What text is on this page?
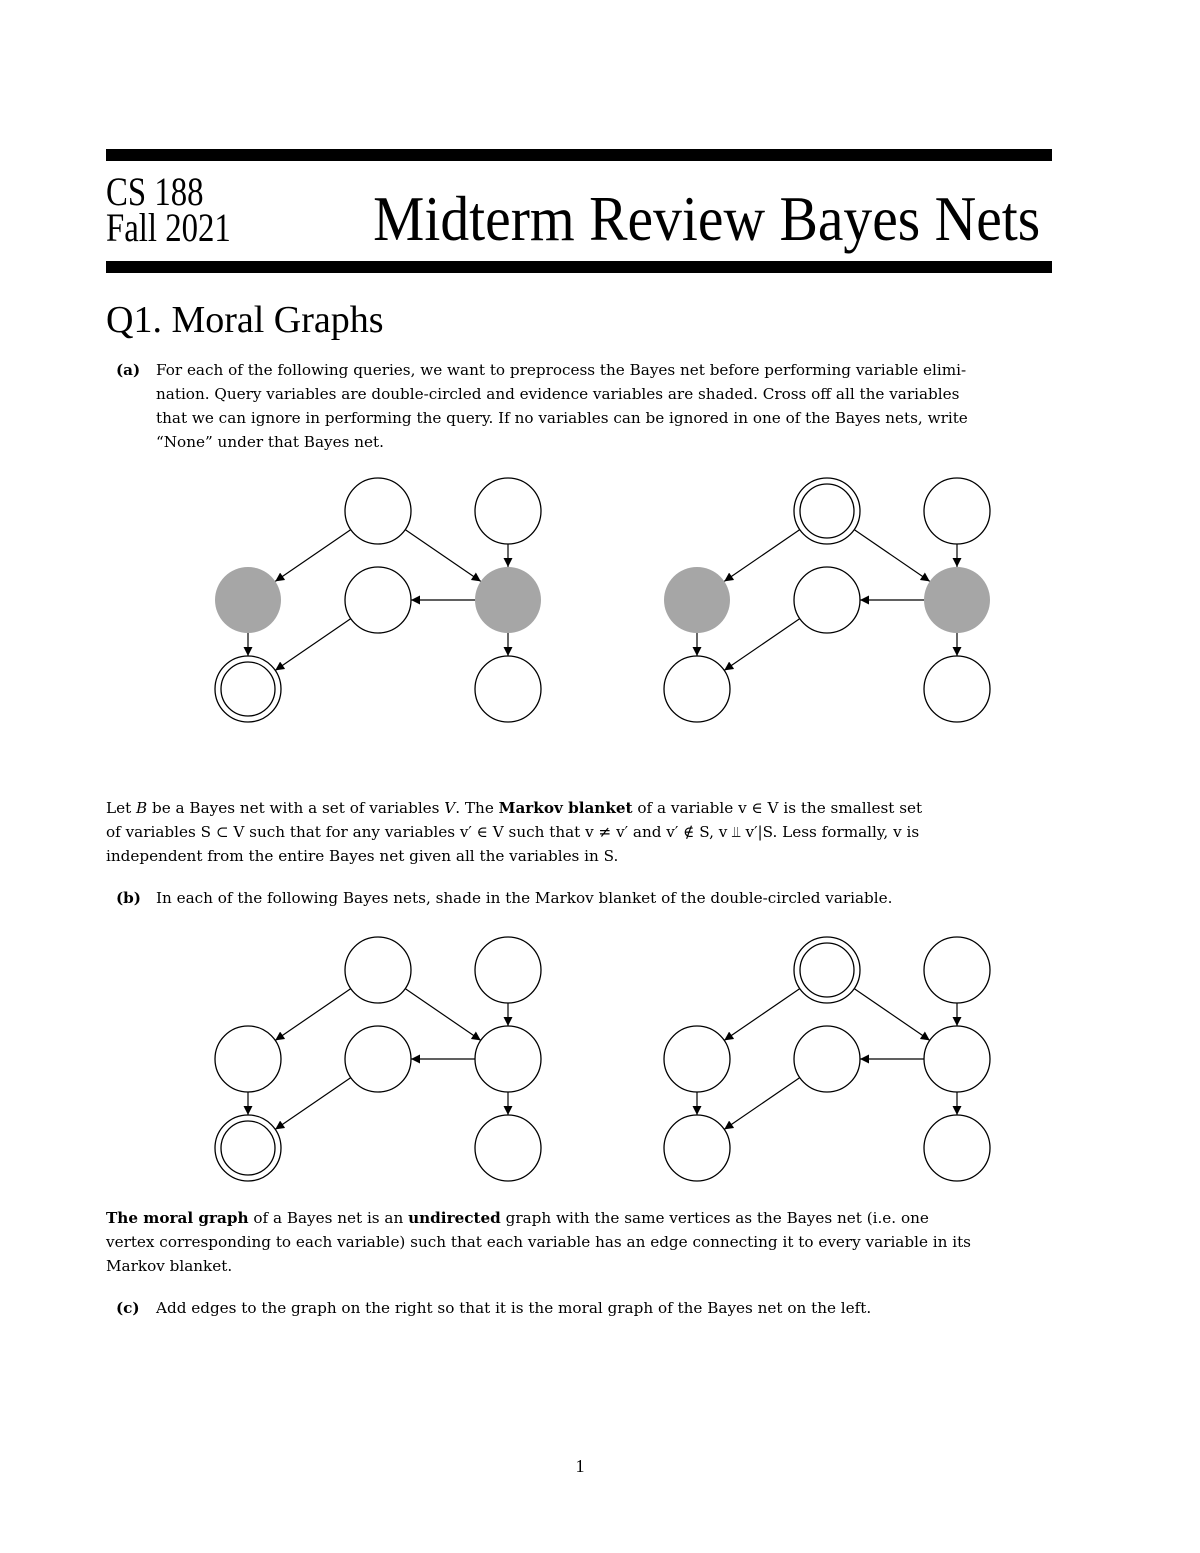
CS 188
Fall 2021 Midterm Review Bayes Nets
Q1. Moral Graphs
(a) For each of the following queries, we want to preprocess the Bayes net before performing variable elimi-
nation. Query variables are double-circled and evidence variables are shaded. Cross off all the variables
that we can ignore in performing the query. If no variables can be ignored in one of the Bayes nets, write
“None” under that Bayes net.
Let B be a Bayes net with a set of variables V. The Markov blanket of a variable v ∈ V is the smallest set
of variables S ⊂ V such that for any variables v′ ∈ V such that v ≠ v′ and v′ ∉ S, v ⫫ v′|S. Less formally, v is
independent from the entire Bayes net given all the variables in S.
(b) In each of the following Bayes nets, shade in the Markov blanket of the double-circled variable.
The moral graph of a Bayes net is an undirected graph with the same vertices as the Bayes net (i.e. one
vertex corresponding to each variable) such that each variable has an edge connecting it to every variable in its
Markov blanket.
(c) Add edges to the graph on the right so that it is the moral graph of the Bayes net on the left.
1
